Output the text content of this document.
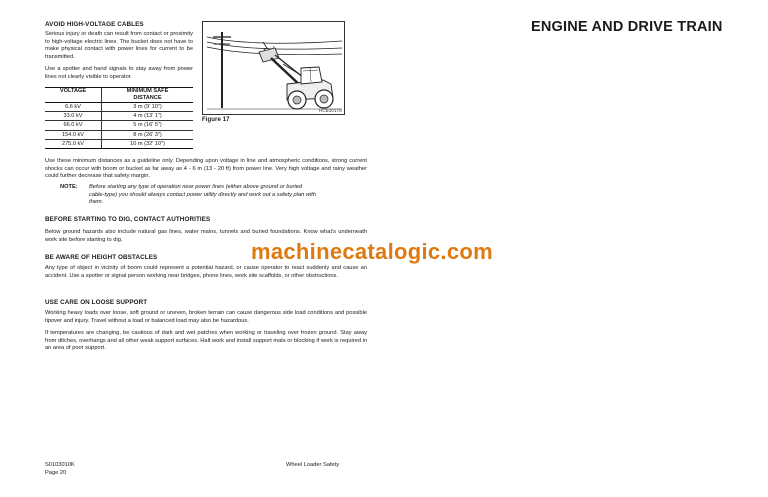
ENGINE AND DRIVE TRAIN
AVOID HIGH-VOLTAGE CABLES
Serious injury or death can result from contact or proximity to high-voltage electric lines. The bucket does not have to make physical contact with power lines for current to be transmitted.
Use a spotter and hand signals to stay away from power lines not clearly visible to operator.
VOLTAGE	MINIMUM SAFE
DISTANCE

6.6 kV	3 m (9' 10")
33.0 kV	4 m (13' 1")
66.0 kV	5 m (16' 5")
154.0 kV	8 m (26' 3")
275.0 kV	10 m (32' 10")
HCB1017S
Figure 17
Use these minimum distances as a guideline only. Depending upon voltage in line and atmospheric conditions, strong current shocks can occur with boom or bucket as far away as 4 - 6 m (13 - 20 ft) from power line. Very high voltage and rainy weather could further decrease that safety margin.
NOTE: Before starting any type of operation near power lines (either above ground or buried
cable-type) you should always contact power utility directly and work out a safety plan with
them.
BEFORE STARTING TO DIG, CONTACT AUTHORITIES
Below ground hazards also include natural gas lines, water mains, tunnels and buried foundations. Know what's underneath work site before starting to dig.	machinecatalogic.com
BE AWARE OF HEIGHT OBSTACLES
Any type of object in vicinity of boom could represent a potential hazard, or cause operator to react suddenly and cause an accident. Use a spotter or signal person working near bridges, phone lines, work site scaffolds, or other obstructions.
USE CARE ON LOOSE SUPPORT
Working heavy loads over loose, soft ground or uneven, broken terrain can cause dangerous side load conditions and possible tipover and injury. Travel without a load or balanced load may also be hazardous.
If temperatures are changing, be cautious of dark and wet patches when working or traveling over frozen ground. Stay away from ditches, overhangs and all other weak support surfaces. Halt work and install support mats or blocking if work is required in an area of poor support.
S0103010K
Page 20
Wheel Loader Safety
